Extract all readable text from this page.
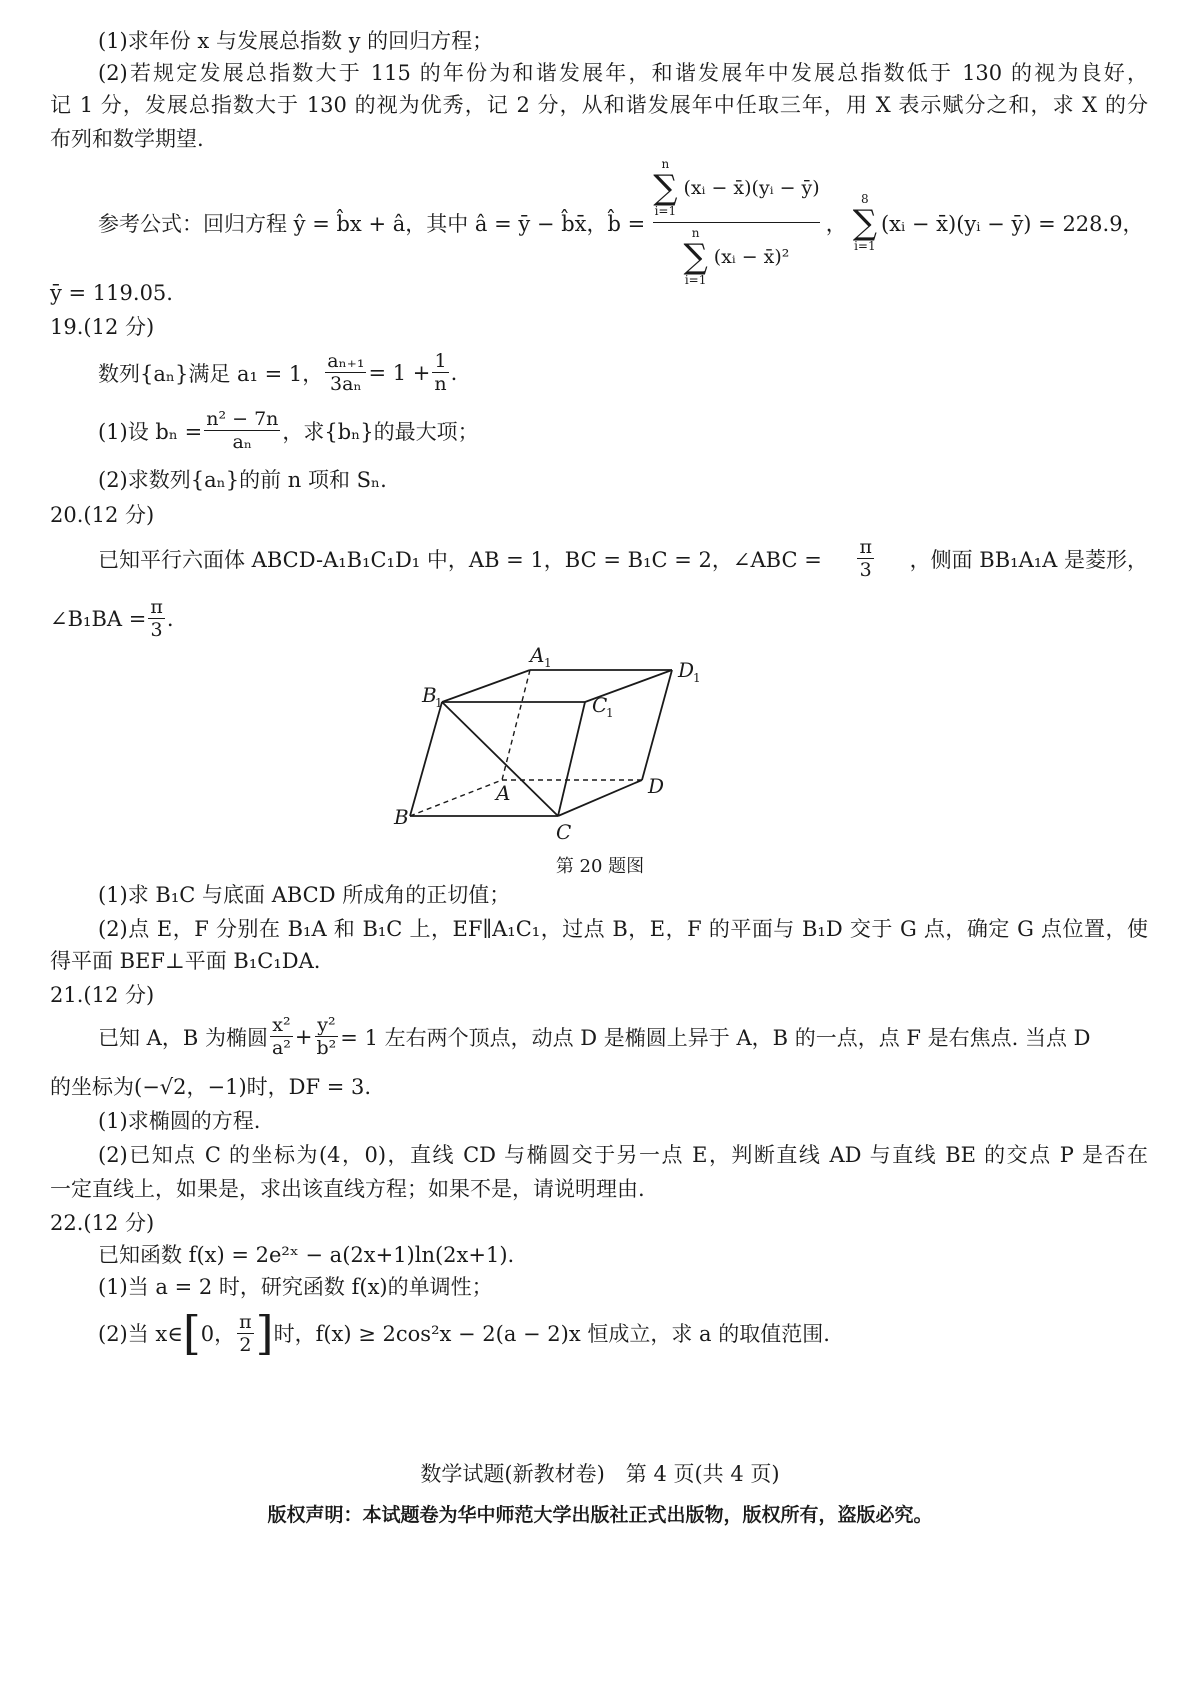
(1)求年份 x 与发展总指数 y 的回归方程；
(2)若规定发展总指数大于 115 的年份为和谐发展年，和谐发展年中发展总指数低于 130 的视为良好，
记 1 分，发展总指数大于 130 的视为优秀，记 2 分，从和谐发展年中任取三年，用 X 表示赋分之和，求 X 的分
布列和数学期望.
参考公式：回归方程 ŷ = b̂x + â，其中 â = ȳ − b̂x̄，b̂ =
n
∑
i=1
(xᵢ − x̄)(yᵢ − ȳ)
n
∑
i=1
(xᵢ − x̄)²
，
8
∑
i=1
(xᵢ − x̄)(yᵢ − ȳ) = 228.9，
ȳ = 119.05.
19.(12 分)
数列{aₙ}满足 a₁ = 1， $\frac{\text{aₙ₊₁}}{\text{3aₙ}} = 1 + \frac{1}{n}$ .
(1)设 $b_n = \frac{\text{n² − 7n}}{\text{aₙ}}$ ，求{bₙ}的最大项；
(2)求数列{aₙ}的前 n 项和 Sₙ.
20.(12 分)
已知平行六面体 ABCD-A₁B₁C₁D₁ 中，AB = 1，BC = B₁C = 2，∠ABC = $\frac{\pi}{3}$ ，侧面 BB₁A₁A 是菱形，
∠B₁BA = $\frac{\pi}{3}$ .
A 1	D
1
B
1	C
1
A	D
B
C
第 20 题图
(1)求 B₁C 与底面 ABCD 所成角的正切值；
(2)点 E，F 分别在 B₁A 和 B₁C 上，EF∥A₁C₁，过点 B，E，F 的平面与 B₁D 交于 G 点，确定 G 点位置，使
得平面 BEF⊥平面 B₁C₁DA.
21.(12 分)
已知 A，B 为椭圆 $\frac{\text{x²}}{\text{a²}} + \frac{\text{y²}}{\text{b²}} = 1$ 左右两个顶点，动点 D 是椭圆上异于 A，B 的一点，点 F 是右焦点. 当点 D
的坐标为(−√2，−1)时，DF = 3.
(1)求椭圆的方程.
(2)已知点 C 的坐标为(4，0)，直线 CD 与椭圆交于另一点 E，判断直线 AD 与直线 BE 的交点 P 是否在
一定直线上，如果是，求出该直线方程；如果不是，请说明理由.
22.(12 分)
已知函数 f(x) = 2e²ˣ − a(2x+1)ln(2x+1).
(1)当 a = 2 时，研究函数 f(x)的单调性；
(2)当 x∈ [ 0， $\frac{\pi}{2}$ ] 时，f(x) ≥ 2cos²x − 2(a − 2)x 恒成立，求 a 的取值范围.
数学试题(新教材卷)　第 4 页(共 4 页)
版权声明：本试题卷为华中师范大学出版社正式出版物，版权所有，盗版必究。
